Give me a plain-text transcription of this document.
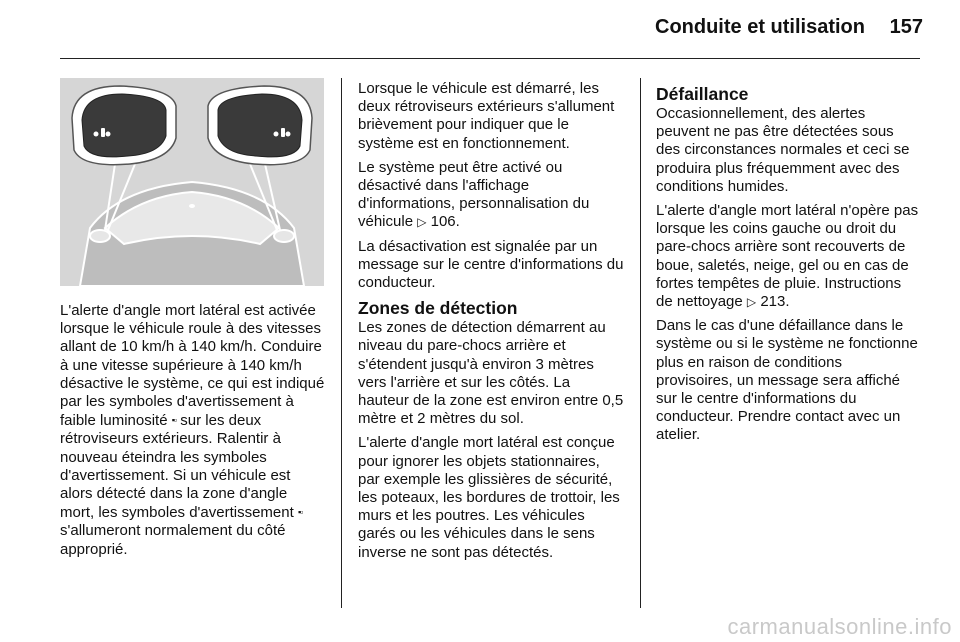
Conduite et utilisation 157

L'alerte d'angle mort latéral est activée lorsque le véhicule roule à des vitesses allant de 10 km/h à 140 km/h. Conduire à une vitesse supérieure à 140 km/h désactive le système, ce qui est indiqué par les symboles d'avertissement à faible luminosité ▪▫ sur les deux rétroviseurs extérieurs. Ralentir à nouveau éteindra les symboles d'avertissement. Si un véhicule est alors détecté dans la zone d'angle mort, les symboles d'avertissement ▪▫ s'allumeront normalement du côté approprié.

Lorsque le véhicule est démarré, les deux rétroviseurs extérieurs s'allument brièvement pour indiquer que le système est en fonctionnement.

Le système peut être activé ou désactivé dans l'affichage d'informations, personnalisation du véhicule ▷ 106.

La désactivation est signalée par un message sur le centre d'informations du conducteur.

Zones de détection

Les zones de détection démarrent au niveau du pare-chocs arrière et s'étendent jusqu'à environ 3 mètres vers l'arrière et sur les côtés. La hauteur de la zone est environ entre 0,5 mètre et 2 mètres du sol.

L'alerte d'angle mort latéral est conçue pour ignorer les objets stationnaires, par exemple les glissières de sécurité, les poteaux, les bordures de trottoir, les murs et les poutres. Les véhicules garés ou les véhicules dans le sens inverse ne sont pas détectés.

Défaillance

Occasionnellement, des alertes peuvent ne pas être détectées sous des circonstances normales et ceci se produira plus fréquemment avec des conditions humides.

L'alerte d'angle mort latéral n'opère pas lorsque les coins gauche ou droit du pare-chocs arrière sont recouverts de boue, saletés, neige, gel ou en cas de fortes tempêtes de pluie. Instructions de nettoyage ▷ 213.

Dans le cas d'une défaillance dans le système ou si le système ne fonctionne plus en raison de conditions provisoires, un message sera affiché sur le centre d'informations du conducteur. Prendre contact avec un atelier.

carmanualsonline.info
